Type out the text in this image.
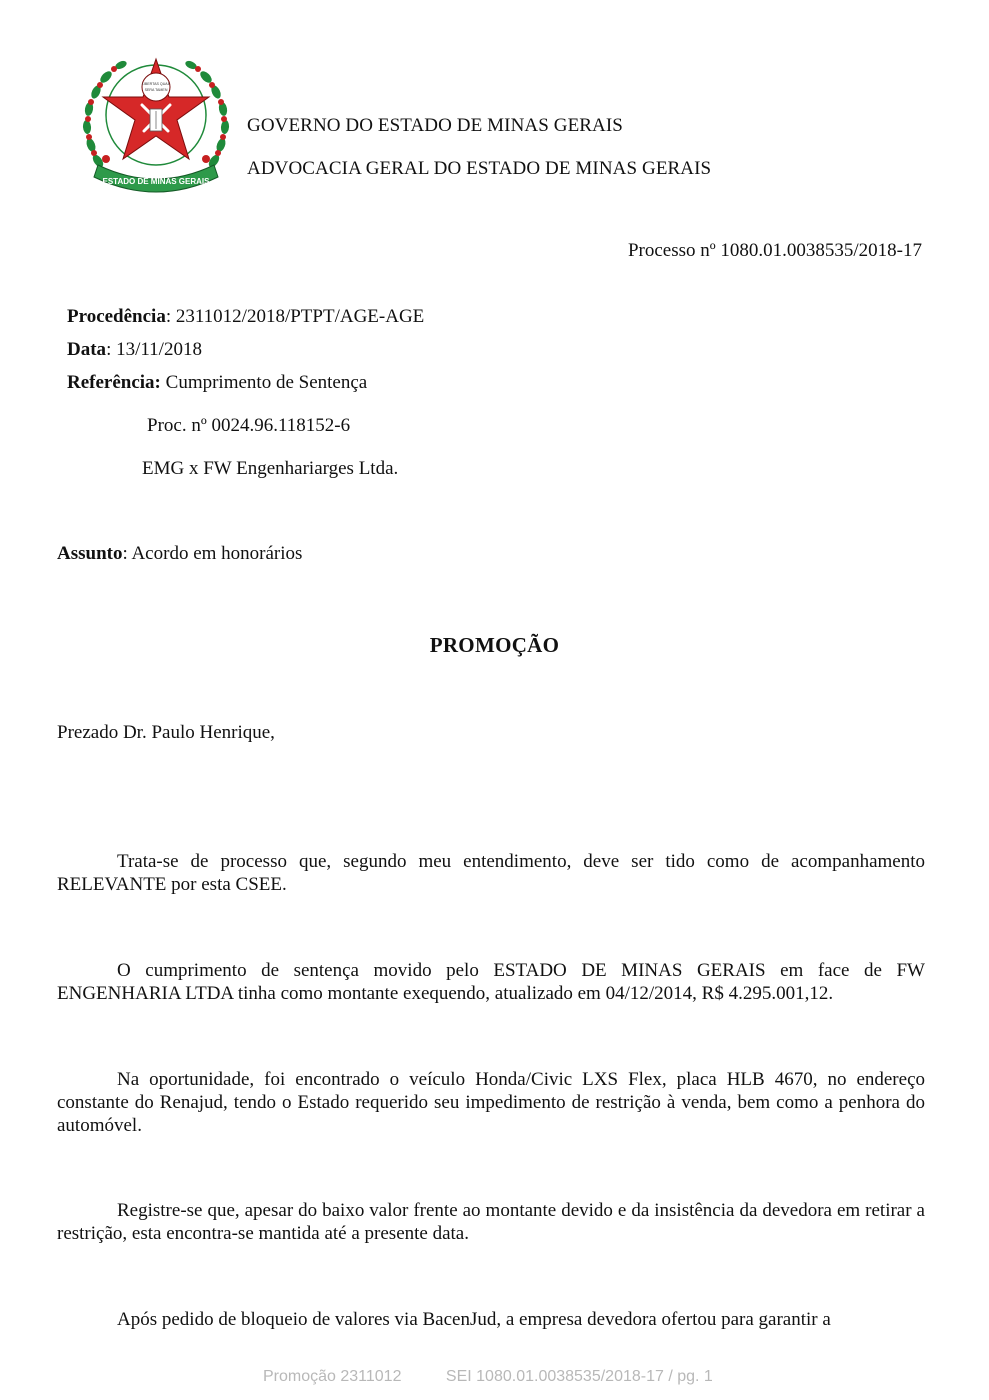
LIBERTAS QUAE
SERA TAMEN
ESTADO DE MINAS GERAIS
GOVERNO DO ESTADO DE MINAS GERAIS
ADVOCACIA GERAL DO ESTADO DE MINAS GERAIS
Processo nº 1080.01.0038535/2018-17
Procedência: 2311012/2018/PTPT/AGE-AGE
Data: 13/11/2018
Referência: Cumprimento de Sentença
Proc. nº 0024.96.118152-6
EMG x FW Engenhariarges Ltda.
Assunto: Acordo em honorários
PROMOÇÃO
Prezado Dr. Paulo Henrique,
Trata-se de processo que, segundo meu entendimento, deve ser tido como de acompanhamento RELEVANTE por esta CSEE.
O cumprimento de sentença movido pelo ESTADO DE MINAS GERAIS em face de FW ENGENHARIA LTDA tinha como montante exequendo, atualizado em 04/12/2014, R$ 4.295.001,12.
Na oportunidade, foi encontrado o veículo Honda/Civic LXS Flex, placa HLB 4670, no endereço constante do Renajud, tendo o Estado requerido seu impedimento de restrição à venda, bem como a penhora do automóvel.
Registre-se que, apesar do baixo valor frente ao montante devido e da insistência da devedora em retirar a restrição, esta encontra-se mantida até a presente data.
Após pedido de bloqueio de valores via BacenJud, a empresa devedora ofertou para garantir a
Promoção 2311012	SEI 1080.01.0038535/2018-17 / pg. 1
